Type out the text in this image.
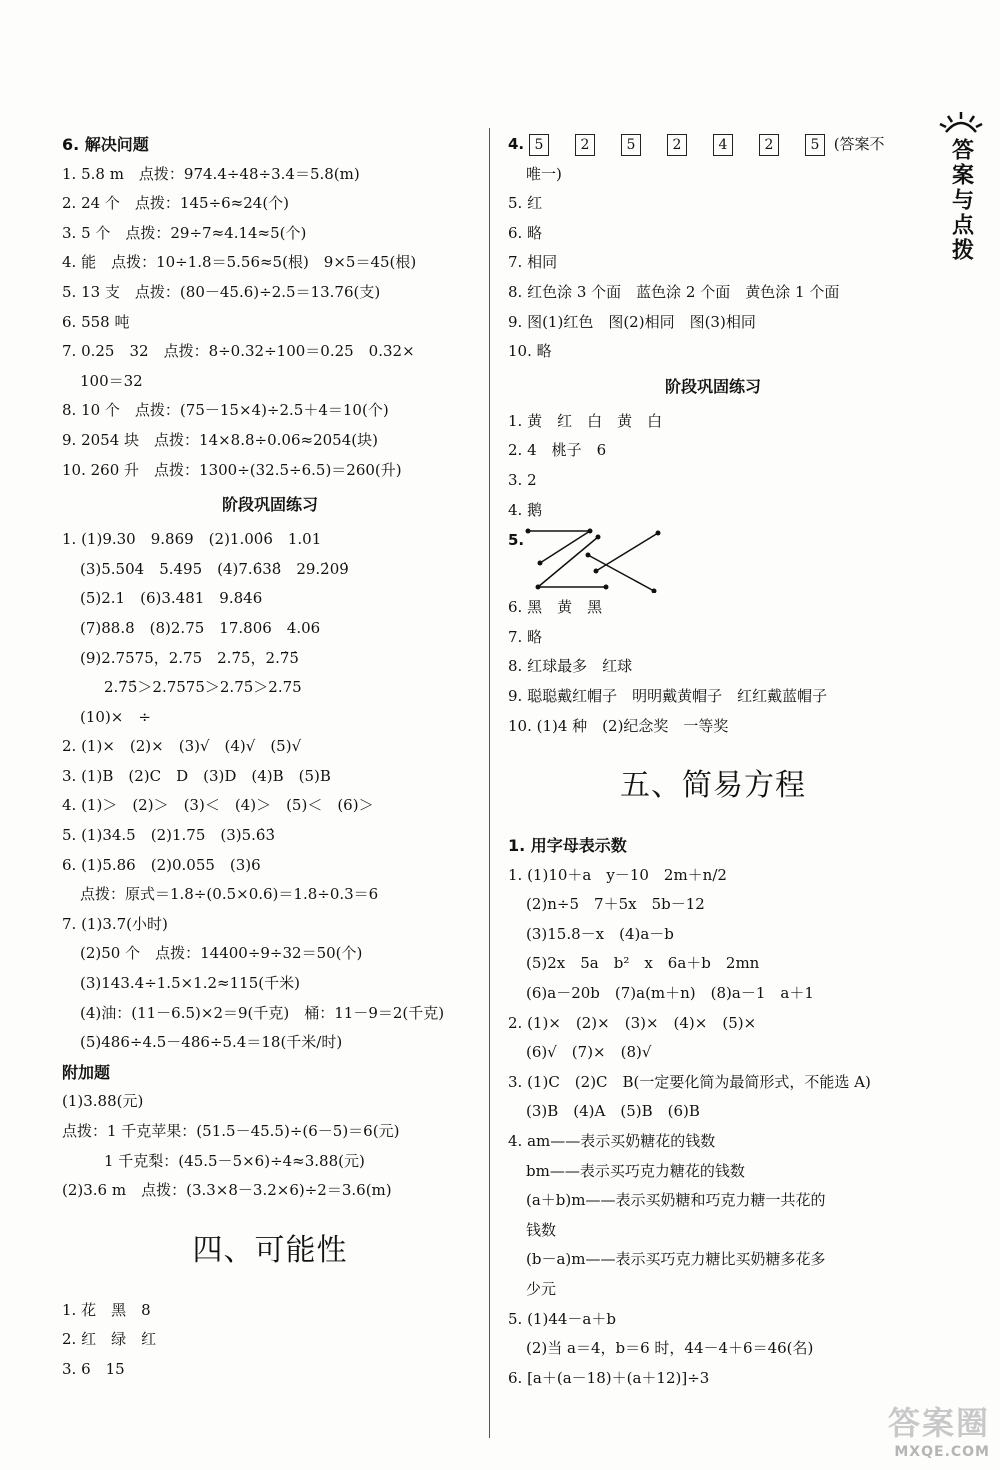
答案与点拨
6. 解决问题
1. 5.8 m　点拨：974.4÷48÷3.4＝5.8(m)
2. 24 个　点拨：145÷6≈24(个)
3. 5 个　点拨：29÷7≈4.14≈5(个)
4. 能　点拨：10÷1.8＝5.56≈5(根)　9×5＝45(根)
5. 13 支　点拨：(80－45.6)÷2.5＝13.76(支)
6. 558 吨
7. 0.25　32　点拨：8÷0.32÷100＝0.25　0.32×
100＝32
8. 10 个　点拨：(75－15×4)÷2.5＋4＝10(个)
9. 2054 块　点拨：14×8.8÷0.06≈2054(块)
10. 260 升　点拨：1300÷(32.5÷6.5)＝260(升)
阶段巩固练习
1. (1)9.30　9.869　(2)1.00̇6̇　1.01
(3)5.504　5.495　(4)7.6̇38̇　29.2̇09̇
(5)2.1　(6)3.481　9.846
(7)88.8　(8)2.75　17.806　4.06
(9)2.7575，2.75　2.7̇5̇，2.7̇5̇
2.7̇5̇＞2.7575＞2.75̇＞2.75
(10)×　÷
2. (1)×　(2)×　(3)√　(4)√　(5)√
3. (1)B　(2)C　D　(3)D　(4)B　(5)B
4. (1)＞　(2)＞　(3)＜　(4)＞　(5)＜　(6)＞
5. (1)34.5　(2)1.75　(3)5.6̇3̇
6. (1)5.86　(2)0.055　(3)6
点拨：原式＝1.8÷(0.5×0.6)＝1.8÷0.3＝6
7. (1)3.7(小时)
(2)50 个　点拨：14400÷9÷32＝50(个)
(3)143.4÷1.5×1.2≈115(千米)
(4)油：(11－6.5)×2＝9(千克)　桶：11－9＝2(千克)
(5)486÷4.5－486÷5.4＝18(千米/时)
附加题
(1)3.88(元)
点拨：1 千克苹果：(51.5－45.5)÷(6－5)＝6(元)
1 千克梨：(45.5－5×6)÷4≈3.88(元)
(2)3.6 m　点拨：(3.3×8－3.2×6)÷2＝3.6(m)
四、可能性
1. 花　黑　8
2. 红　绿　红
3. 6　15
4. 5	2	5	2	4	2	5 (答案不
唯一)
5. 红
6. 略
7. 相同
8. 红色涂 3 个面　蓝色涂 2 个面　黄色涂 1 个面
9. 图(1)红色　图(2)相同　图(3)相同
10. 略
阶段巩固练习
1. 黄　红　白　黄　白
2. 4　桃子　6
3. 2
4. 鹅
5.
6. 黑　黄　黑
7. 略
8. 红球最多　红球
9. 聪聪戴红帽子　明明戴黄帽子　红红戴蓝帽子
10. (1)4 种　(2)纪念奖　一等奖
五、简易方程
1. 用字母表示数
1. (1)10＋a　y－10　2m＋n/2
(2)n÷5　7＋5x　5b－12
(3)15.8－x　(4)a－b
(5)2x　5a　b²　x　6a＋b　2mn
(6)a－20b　(7)a(m＋n)　(8)a－1　a＋1
2. (1)×　(2)×　(3)×　(4)×　(5)×
(6)√　(7)×　(8)√
3. (1)C　(2)C　B(一定要化简为最简形式，不能选 A)
(3)B　(4)A　(5)B　(6)B
4. am——表示买奶糖花的钱数
bm——表示买巧克力糖花的钱数
(a＋b)m——表示买奶糖和巧克力糖一共花的
钱数
(b－a)m——表示买巧克力糖比买奶糖多花多
少元
5. (1)44－a＋b
(2)当 a＝4，b＝6 时，44－4＋6＝46(名)
6. [a＋(a－18)＋(a＋12)]÷3
答案圈
MXQE.COM
